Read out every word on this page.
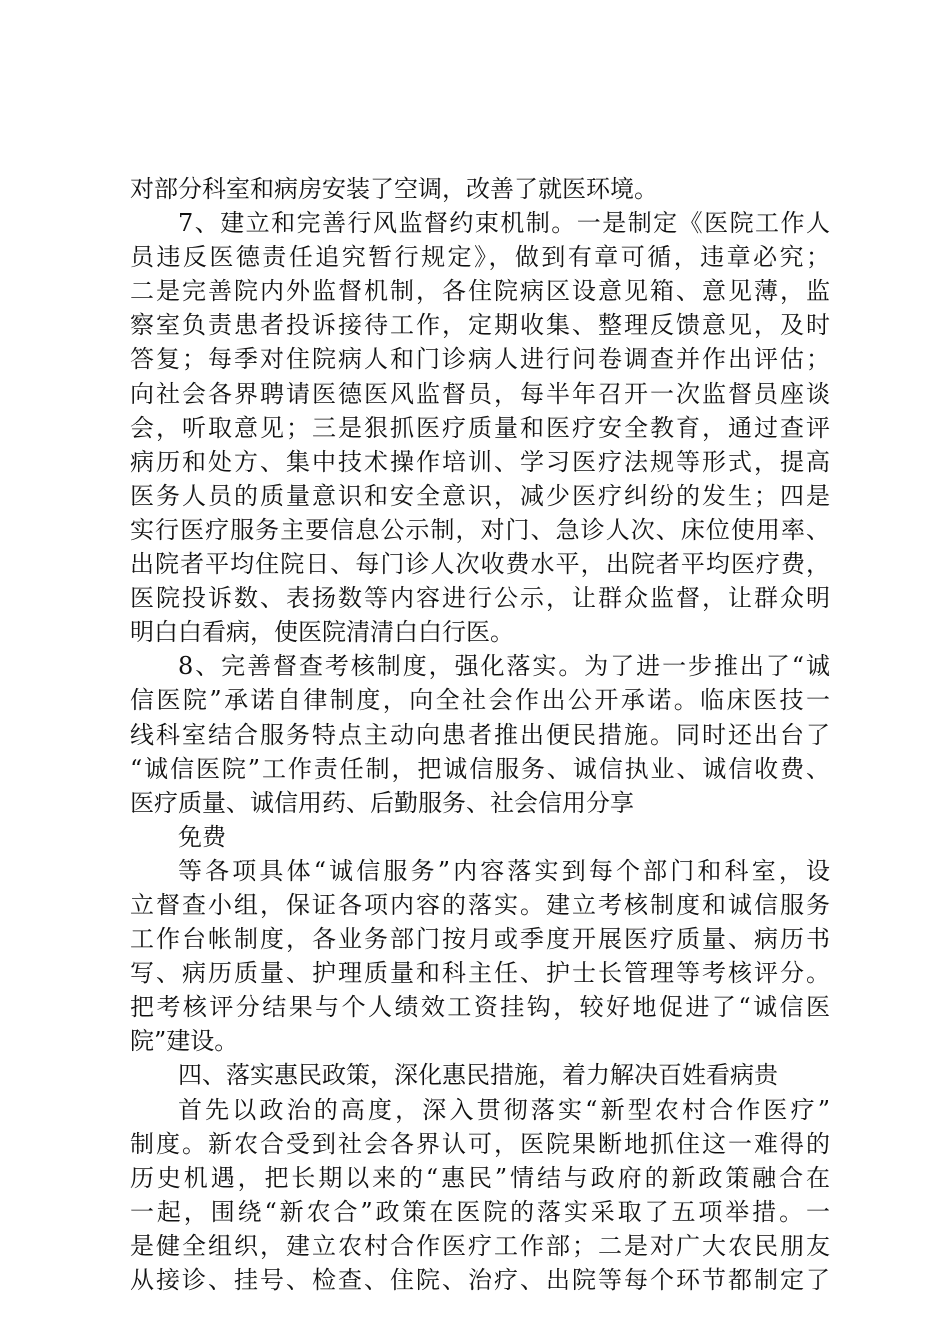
对部分科室和病房安装了空调，改善了就医环境。
7、建立和完善行风监督约束机制。一是制定《医院工作人
员违反医德责任追究暂行规定》，做到有章可循，违章必究；
二是完善院内外监督机制，各住院病区设意见箱、意见薄，监
察室负责患者投诉接待工作，定期收集、整理反馈意见，及时
答复；每季对住院病人和门诊病人进行问卷调查并作出评估；
向社会各界聘请医德医风监督员，每半年召开一次监督员座谈
会，听取意见；三是狠抓医疗质量和医疗安全教育，通过查评
病历和处方、集中技术操作培训、学习医疗法规等形式，提高
医务人员的质量意识和安全意识，减少医疗纠纷的发生；四是
实行医疗服务主要信息公示制，对门、急诊人次、床位使用率、
出院者平均住院日、每门诊人次收费水平，出院者平均医疗费，
医院投诉数、表扬数等内容进行公示，让群众监督，让群众明
明白白看病，使医院清清白白行医。
8、完善督查考核制度，强化落实。为了进一步推出了“诚
信医院”承诺自律制度，向全社会作出公开承诺。临床医技一
线科室结合服务特点主动向患者推出便民措施。同时还出台了
“诚信医院”工作责任制，把诚信服务、诚信执业、诚信收费、
医疗质量、诚信用药、后勤服务、社会信用分享
免费
等各项具体“诚信服务”内容落实到每个部门和科室，设
立督查小组，保证各项内容的落实。建立考核制度和诚信服务
工作台帐制度，各业务部门按月或季度开展医疗质量、病历书
写、病历质量、护理质量和科主任、护士长管理等考核评分。
把考核评分结果与个人绩效工资挂钩，较好地促进了“诚信医
院”建设。
四、落实惠民政策，深化惠民措施，着力解决百姓看病贵
首先以政治的高度，深入贯彻落实“新型农村合作医疗”
制度。新农合受到社会各界认可，医院果断地抓住这一难得的
历史机遇，把长期以来的“惠民”情结与政府的新政策融合在
一起，围绕“新农合”政策在医院的落实采取了五项举措。一
是健全组织，建立农村合作医疗工作部；二是对广大农民朋友
从接诊、挂号、检查、住院、治疗、出院等每个环节都制定了
